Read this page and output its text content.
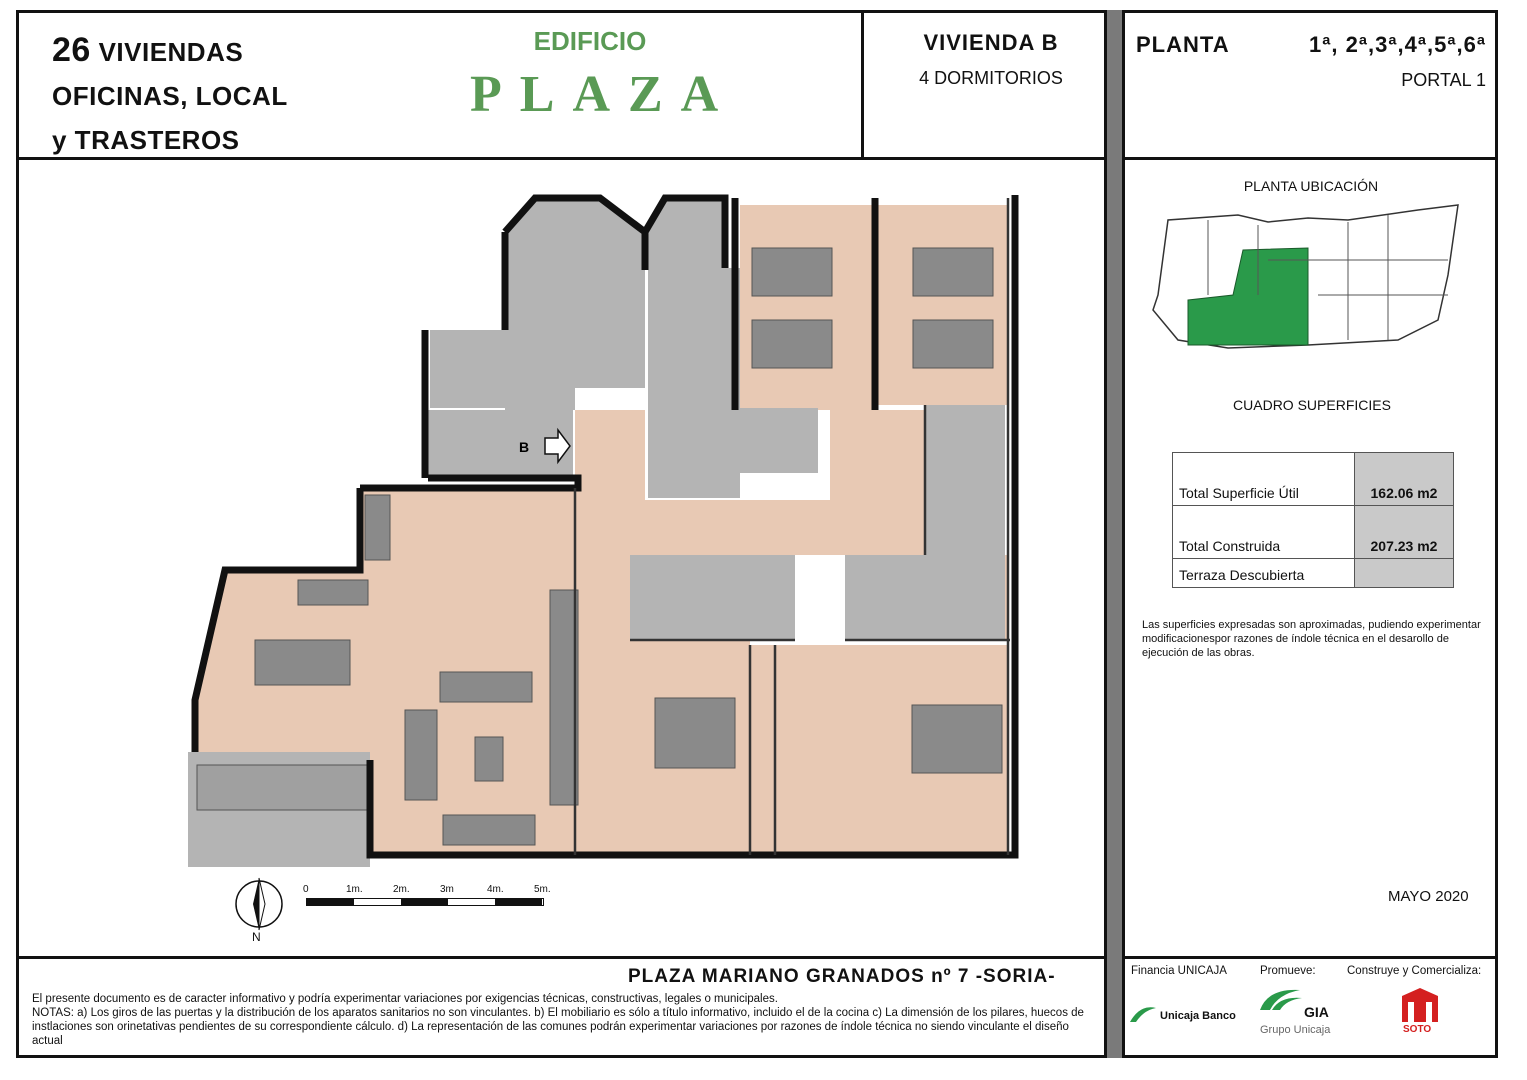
26 VIVIENDAS
OFICINAS, LOCAL
y TRASTEROS
EDIFICIO
PLAZA
VIVIENDA B
4 DORMITORIOS
PLANTA	1ª, 2ª,3ª,4ª,5ª,6ª
PORTAL 1
B
N
0	1m.	2m.	3m	4m.	5m.
PLANTA UBICACIÓN
CUADRO SUPERFICIES
Total Superficie Útil	162.06 m2
Total Construida	207.23 m2
Terraza Descubierta	
Las superficies expresadas son aproximadas, pudiendo experimentar modificacionespor razones de índole técnica en el desarollo de ejecución de las obras.
MAYO 2020
PLAZA MARIANO GRANADOS nº 7 -SORIA-
El presente documento es de caracter informativo y podría experimentar variaciones por exigencias técnicas, constructivas, legales o municipales.
NOTAS: a) Los giros de las puertas y la distribución de los aparatos sanitarios no son vinculantes. b) El mobiliario es sólo a título informativo, incluido el de la cocina c) La dimensión de los pilares, huecos de instlaciones son orinetativas pendientes de su correspondiente cálculo. d) La representación de las comunes podrán experimentar variaciones por razones de índole técnica no siendo vinculante el diseño actual
Financia UNICAJA	Promueve:	Construye y Comercializa:
Unicaja Banco	GIA
Grupo Unicaja	SOTO
